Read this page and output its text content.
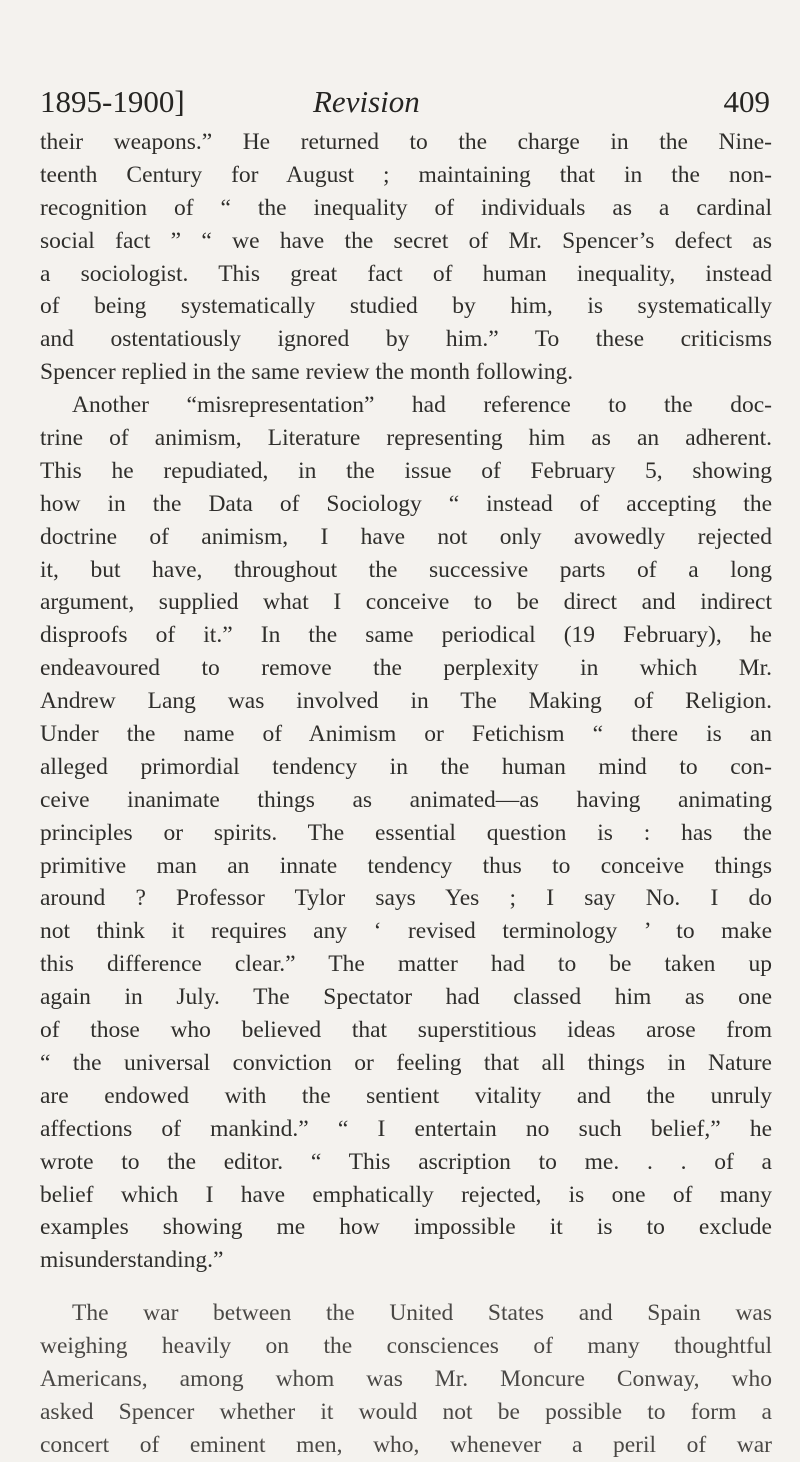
1895-1900]	Revision	409
their weapons.” He returned to the charge in the Nine-
teenth Century for August ; maintaining that in the non-
recognition of “ the inequality of individuals as a cardinal
social fact ” “ we have the secret of Mr. Spencer’s defect as
a sociologist. This great fact of human inequality, instead
of being systematically studied by him, is systematically
and ostentatiously ignored by him.” To these criticisms
Spencer replied in the same review the month following.
Another “misrepresentation” had reference to the doc-
trine of animism, Literature representing him as an adherent.
This he repudiated, in the issue of February 5, showing
how in the Data of Sociology “ instead of accepting the
doctrine of animism, I have not only avowedly rejected
it, but have, throughout the successive parts of a long
argument, supplied what I conceive to be direct and indirect
disproofs of it.” In the same periodical (19 February), he
endeavoured to remove the perplexity in which Mr.
Andrew Lang was involved in The Making of Religion.
Under the name of Animism or Fetichism “ there is an
alleged primordial tendency in the human mind to con-
ceive inanimate things as animated—as having animating
principles or spirits. The essential question is : has the
primitive man an innate tendency thus to conceive things
around ? Professor Tylor says Yes ; I say No. I do
not think it requires any ‘ revised terminology ’ to make
this difference clear.” The matter had to be taken up
again in July. The Spectator had classed him as one
of those who believed that superstitious ideas arose from
“ the universal conviction or feeling that all things in Nature
are endowed with the sentient vitality and the unruly
affections of mankind.” “ I entertain no such belief,” he
wrote to the editor. “ This ascription to me. . . of a
belief which I have emphatically rejected, is one of many
examples showing me how impossible it is to exclude
misunderstanding.”
The war between the United States and Spain was
weighing heavily on the consciences of many thoughtful
Americans, among whom was Mr. Moncure Conway, who
asked Spencer whether it would not be possible to form a
concert of eminent men, who, whenever a peril of war
